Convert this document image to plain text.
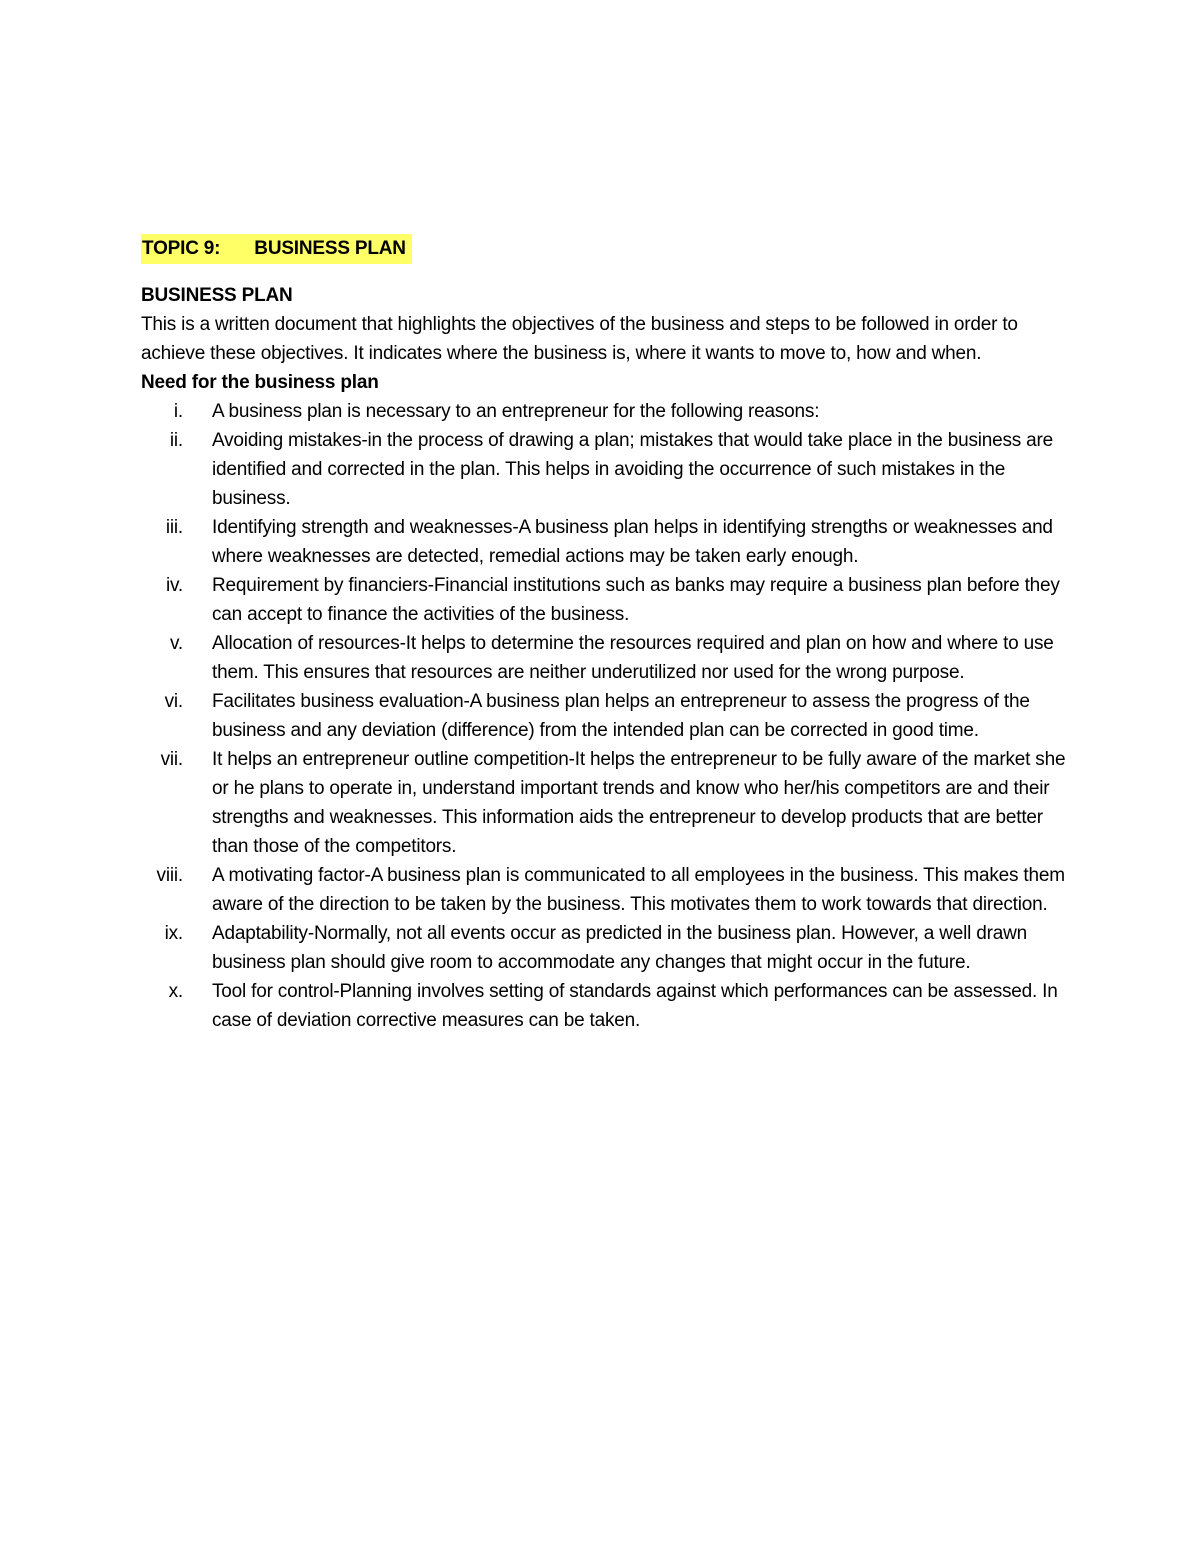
TOPIC 9: BUSINESS PLAN
BUSINESS PLAN

This is a written document that highlights the objectives of the business and steps to be followed in order to achieve these objectives. It indicates where the business is, where it wants to move to, how and when.

Need for the business plan
i. A business plan is necessary to an entrepreneur for the following reasons:
ii. Avoiding mistakes-in the process of drawing a plan; mistakes that would take place in the business are identified and corrected in the plan. This helps in avoiding the occurrence of such mistakes in the business.
iii. Identifying strength and weaknesses-A business plan helps in identifying strengths or weaknesses and where weaknesses are detected, remedial actions may be taken early enough.
iv. Requirement by financiers-Financial institutions such as banks may require a business plan before they can accept to finance the activities of the business.
v. Allocation of resources-It helps to determine the resources required and plan on how and where to use them. This ensures that resources are neither underutilized nor used for the wrong purpose.
vi. Facilitates business evaluation-A business plan helps an entrepreneur to assess the progress of the business and any deviation (difference) from the intended plan can be corrected in good time.
vii. It helps an entrepreneur outline competition-It helps the entrepreneur to be fully aware of the market she or he plans to operate in, understand important trends and know who her/his competitors are and their strengths and weaknesses. This information aids the entrepreneur to develop products that are better than those of the competitors.
viii. A motivating factor-A business plan is communicated to all employees in the business. This makes them aware of the direction to be taken by the business. This motivates them to work towards that direction.
ix. Adaptability-Normally, not all events occur as predicted in the business plan. However, a well drawn business plan should give room to accommodate any changes that might occur in the future.
x. Tool for control-Planning involves setting of standards against which performances can be assessed. In case of deviation corrective measures can be taken.
